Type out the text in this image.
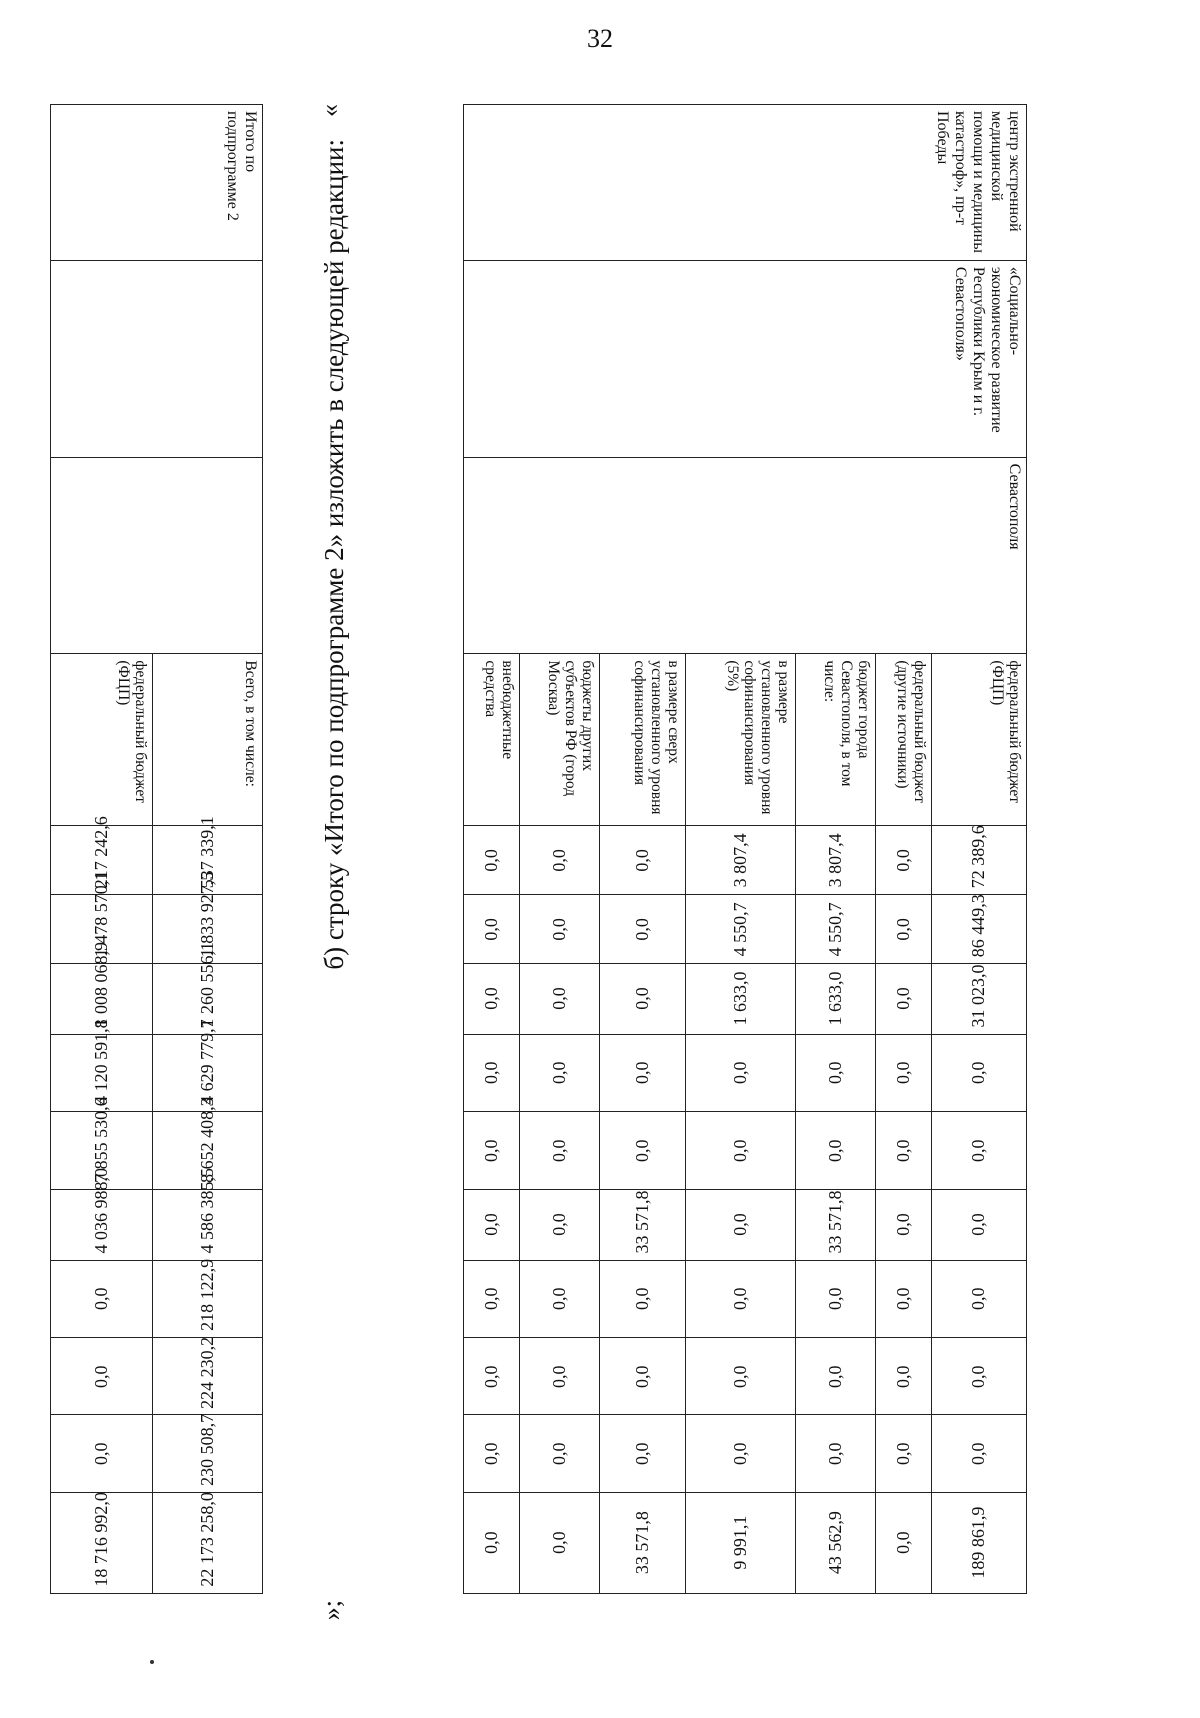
32
центр экстренной медицинской помощи и медицины катастроф», пр-т Победы	«Социально-экономическое развитие Республики Крым и г. Севастополя»	Севастополя	федеральный бюджет (ФЦП)	72 389,6	86 449,3	31 023,0	0,0	0,0	0,0	0,0	0,0	0,0	189 861,9
			федеральный бюджет (другие источники)	0,0	0,0	0,0	0,0	0,0	0,0	0,0	0,0	0,0	0,0
			бюджет города Севастополя, в том числе:	3 807,4	4 550,7	1 633,0	0,0	0,0	33 571,8	0,0	0,0	0,0	43 562,9
			в размере установленного уровня софинансирования (5%)	3 807,4	4 550,7	1 633,0	0,0	0,0	0,0	0,0	0,0	0,0	9 991,1
			в размере сверх установленного уровня софинансирования	0,0	0,0	0,0	0,0	0,0	33 571,8	0,0	0,0	0,0	33 571,8
			бюджеты других субъектов РФ (город Москва)	0,0	0,0	0,0	0,0	0,0	0,0	0,0	0,0	0,0	0,0
			внебюджетные средства	0,0	0,0	0,0	0,0	0,0	0,0	0,0	0,0	0,0	0,0
«
б) строку «Итого по подпрограмме 2» изложить в следующей редакции:
»;
Итого по подпрограмме 2			Всего, в том числе:	537 339,1	1 833 927,5	1 260 556,1	4 629 779,7	8 652 408,3	4 586 385,5	218 122,9	224 230,2	230 508,7	22 173 258,0
			федеральный бюджет (ФЦП)	217 242,6	1 478 570,1	1 008 068,9	4 120 591,8	7 855 530,6	4 036 988,0	0,0	0,0	0,0	18 716 992,0
